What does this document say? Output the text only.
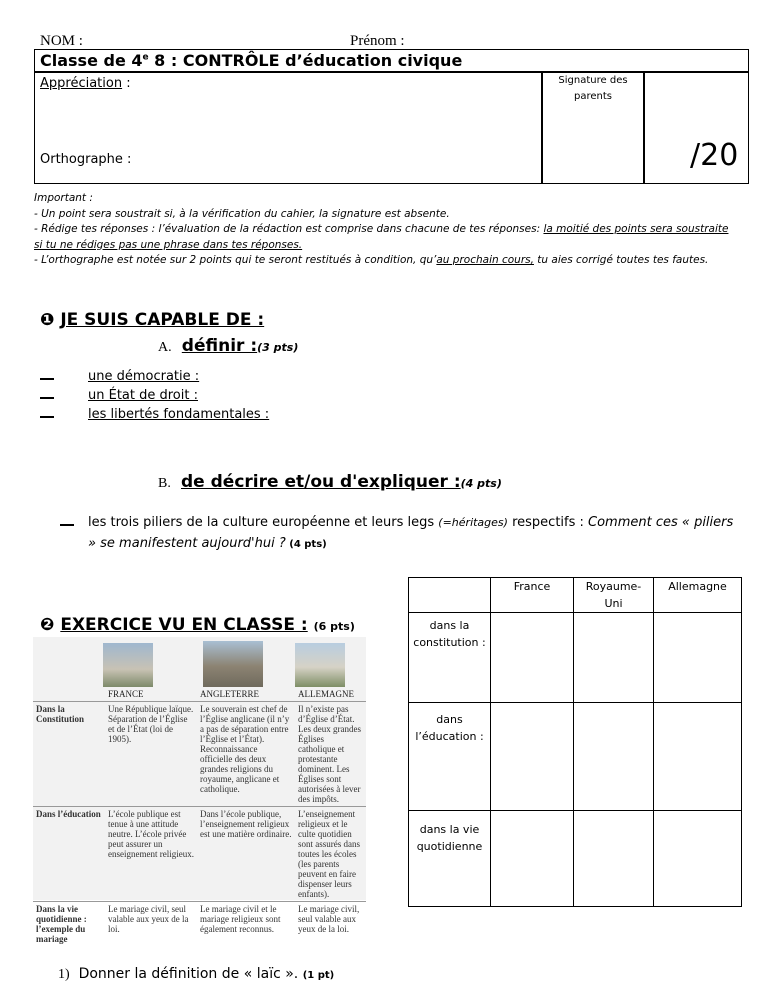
NOM :	Prénom :
Classe de 4e 8 : CONTRÔLE d’éducation civique
Appréciation :	Signature des parents
Orthographe :	/20
Important :
- Un point sera soustrait si, à la vérification du cahier, la signature est absente.
- Rédige tes réponses : l’évaluation de la rédaction est comprise dans chacune de tes réponses: la moitié des points sera soustraite si tu ne rédiges pas une phrase dans tes réponses.
- L’orthographe est notée sur 2 points qui te seront restitués à condition, qu’au prochain cours, tu aies corrigé toutes tes fautes.
❶ JE SUIS CAPABLE DE :
A. définir :(3 pts)
une démocratie :
un État de droit :
les libertés fondamentales :
B. de décrire et/ou d'expliquer :(4 pts)
les trois piliers de la culture européenne et leurs legs (=héritages) respectifs : Comment ces « piliers » se manifestent aujourd'hui ? (4 pts)
❷ EXERCICE VU EN CLASSE : (6 pts)
	FRANCE	ANGLETERRE	ALLEMAGNE
Dans la Constitution	Une République laïque. Séparation de l’Église et de l’État (loi de 1905).	Le souverain est chef de l’Église anglicane (il n’y a pas de séparation entre l’Église et l’État). Reconnaissance officielle des deux grandes religions du royaume, anglicane et catholique.	Il n’existe pas d’Église d’État. Les deux grandes Églises catholique et protestante dominent. Les Églises sont autorisées à lever des impôts.
Dans l’éducation	L’école publique est tenue à une attitude neutre. L’école privée peut assurer un enseignement religieux.	Dans l’école publique, l’enseignement religieux est une matière ordinaire.	L’enseignement religieux et le culte quotidien sont assurés dans toutes les écoles (les parents peuvent en faire dispenser leurs enfants).
Dans la vie quotidienne : l’exemple du mariage	Le mariage civil, seul valable aux yeux de la loi.	Le mariage civil et le mariage religieux sont également reconnus.	Le mariage civil, seul valable aux yeux de la loi.
	France	Royaume-Uni	Allemagne
dans la constitution :			
dans l’éducation :			
dans la vie quotidienne			
1) Donner la définition de « laïc ». (1 pt)
